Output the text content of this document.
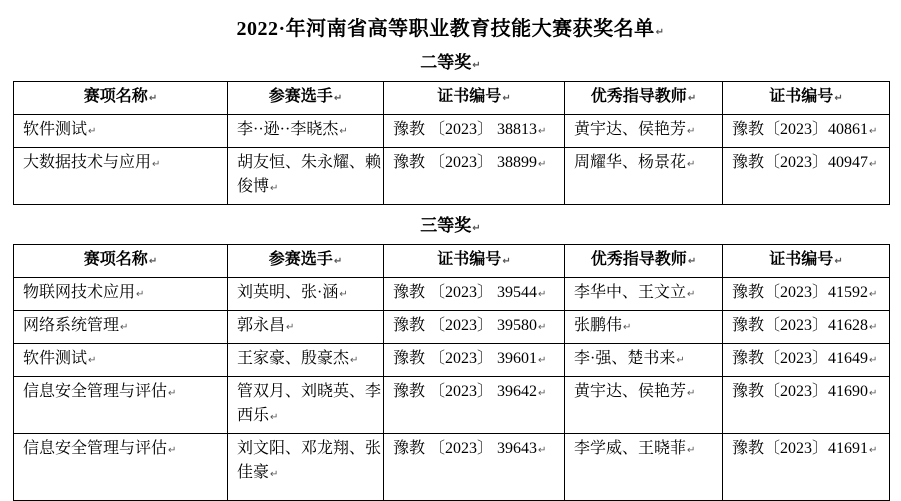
2022·年河南省高等职业教育技能大赛获奖名单↵
二等奖↵
赛项名称↵	参赛选手↵	证书编号↵	优秀指导教师↵	证书编号↵
软件测试↵	李··逊··李晓杰↵	豫教 〔2023〕 38813↵	黄宇达、侯艳芳↵	豫教〔2023〕40861↵
大数据技术与应用↵	胡友恒、朱永耀、赖俊博↵	豫教 〔2023〕 38899↵	周耀华、杨景花↵	豫教〔2023〕40947↵
三等奖↵
赛项名称↵	参赛选手↵	证书编号↵	优秀指导教师↵	证书编号↵
物联网技术应用↵	刘英明、张·涵↵	豫教 〔2023〕 39544↵	李华中、王文立↵	豫教〔2023〕41592↵
网络系统管理↵	郭永昌↵	豫教 〔2023〕 39580↵	张鹏伟↵	豫教〔2023〕41628↵
软件测试↵	王家豪、殷豪杰↵	豫教 〔2023〕 39601↵	李·强、楚书来↵	豫教〔2023〕41649↵
信息安全管理与评估↵	管双月、刘晓英、李西乐↵	豫教 〔2023〕 39642↵	黄宇达、侯艳芳↵	豫教〔2023〕41690↵
信息安全管理与评估↵	刘文阳、邓龙翔、张佳豪↵	豫教 〔2023〕 39643↵	李学威、王晓菲↵	豫教〔2023〕41691↵
